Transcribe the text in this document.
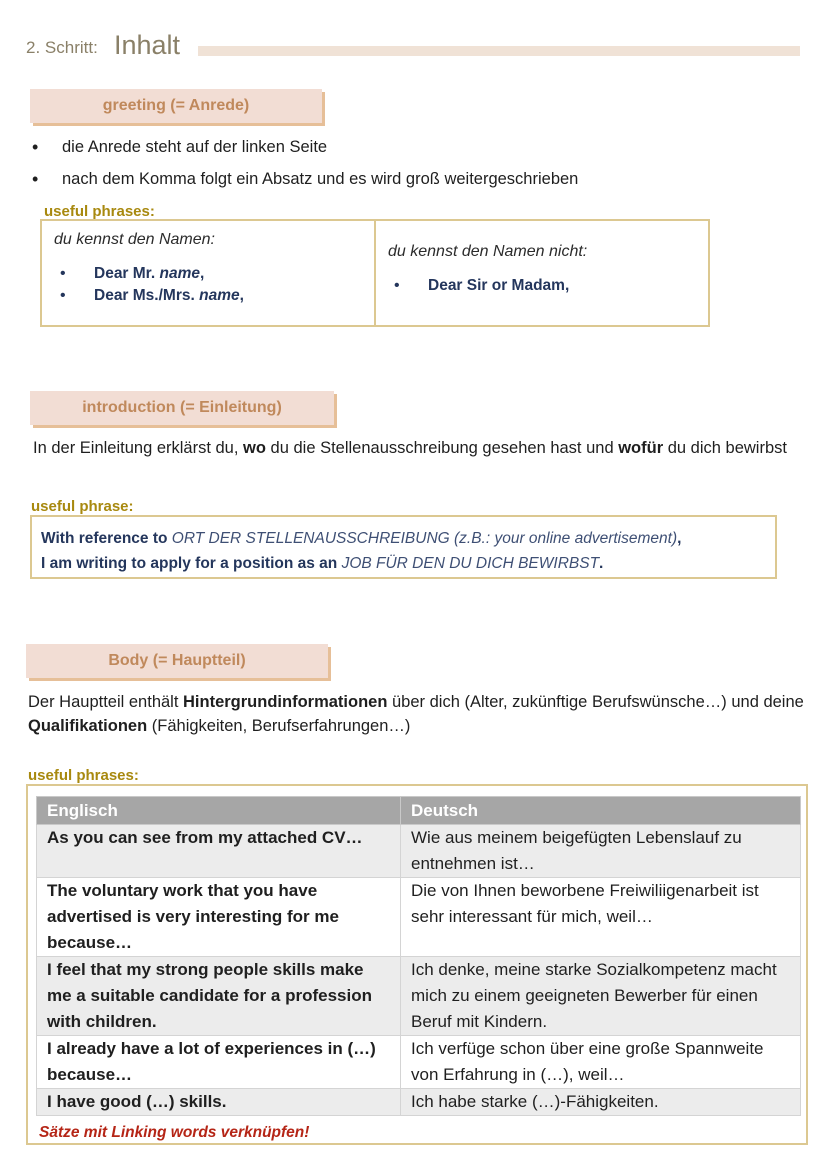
2. Schritt: Inhalt
greeting (= Anrede)
•	die Anrede steht auf der linken Seite
•	nach dem Komma folgt ein Absatz und es wird groß weitergeschrieben
useful phrases:
du kennst den Namen:
•	Dear Mr. name,
•	Dear Ms./Mrs. name,
du kennst den Namen nicht:
•	Dear Sir or Madam,
introduction (= Einleitung)
In der Einleitung erklärst du, wo du die Stellenausschreibung gesehen hast und wofür du dich bewirbst
useful phrase:
With reference to ORT DER STELLENAUSSCHREIBUNG (z.B.: your online advertisement),
I am writing to apply for a position as an JOB FÜR DEN DU DICH BEWIRBST.
Body (= Hauptteil)
Der Hauptteil enthält Hintergrundinformationen über dich (Alter, zukünftige Berufswünsche…) und deine Qualifikationen (Fähigkeiten, Berufserfahrungen…)
useful phrases:
Englisch	Deutsch
As you can see from my attached CV…	Wie aus meinem beigefügten Lebenslauf zu entnehmen ist…
The voluntary work that you have advertised is very interesting for me because…	Die von Ihnen beworbene Freiwiliigenarbeit ist sehr interessant für mich, weil…
I feel that my strong people skills make me a suitable candidate for a profession with children.	Ich denke, meine starke Sozialkompetenz macht mich zu einem geeigneten Bewerber für einen Beruf mit Kindern.
I already have a lot of experiences in (…) because…	Ich verfüge schon über eine große Spannweite von Erfahrung in (…), weil…
I have good (…) skills.	Ich habe starke (…)-Fähigkeiten.
Sätze mit Linking words verknüpfen!
